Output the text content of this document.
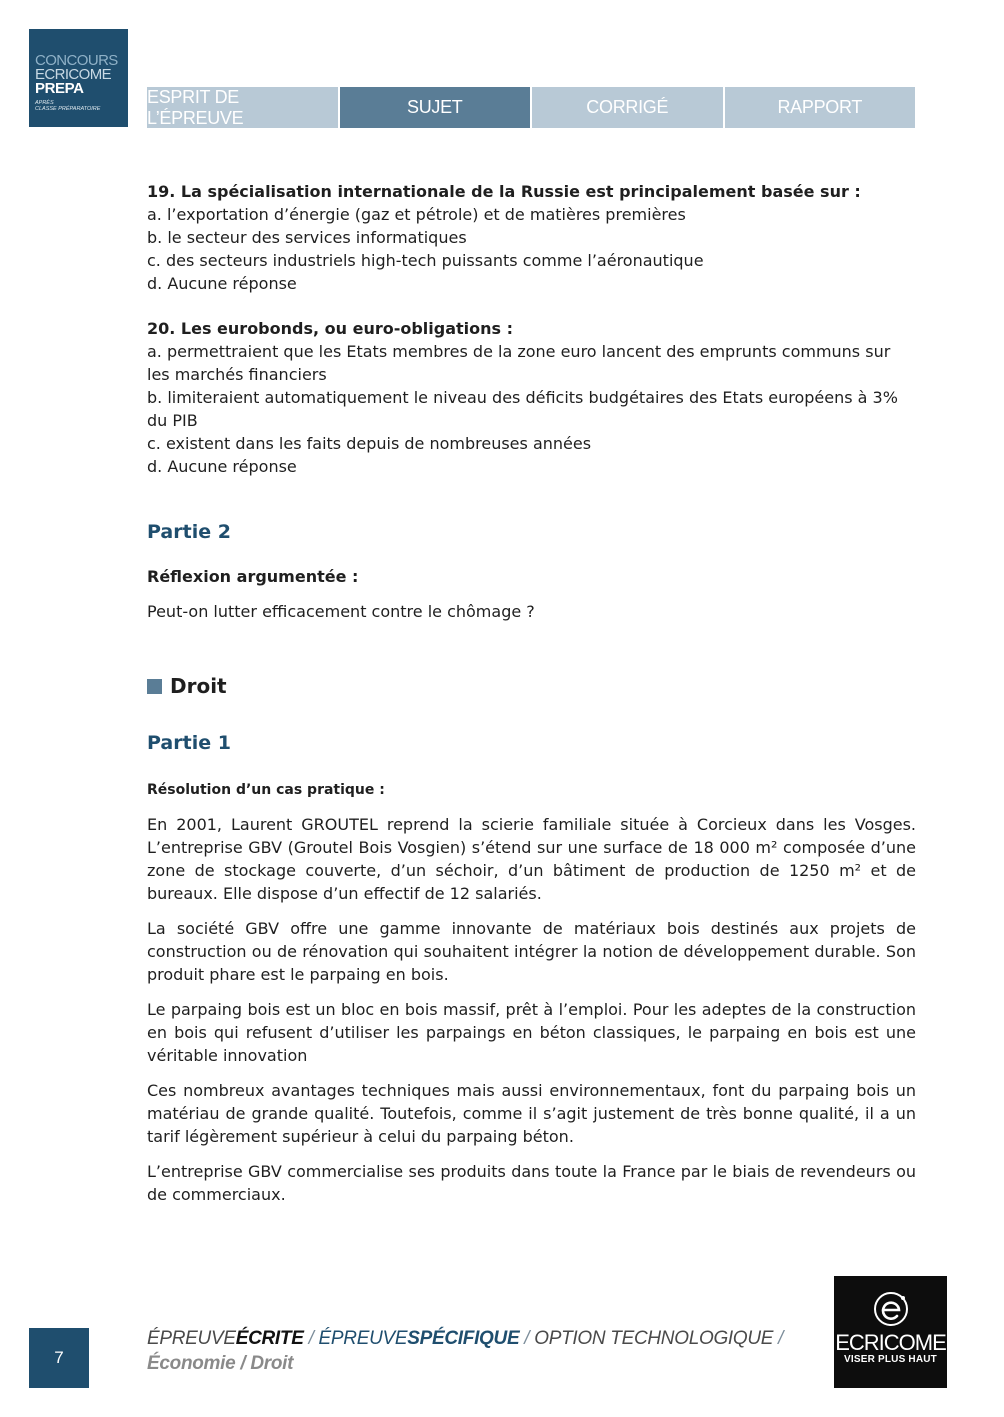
CONCOURS
ECRICOME
PREPA
APRÈS
CLASSE PRÉPARATOIRE
ESPRIT DE L’ÉPREUVE
SUJET	CORRIGÉ	RAPPORT
19. La spécialisation internationale de la Russie est principalement basée sur :
a. l’exportation d’énergie (gaz et pétrole) et de matières premières
b. le secteur des services informatiques
c. des secteurs industriels high-tech puissants comme l’aéronautique
d. Aucune réponse
20. Les eurobonds, ou euro-obligations :
a. permettraient que les Etats membres de la zone euro lancent des emprunts communs sur les marchés financiers
b. limiteraient automatiquement le niveau des déficits budgétaires des Etats européens à 3% du PIB
c. existent dans les faits depuis de nombreuses années
d. Aucune réponse
Partie 2
Réflexion argumentée :
Peut-on lutter efficacement contre le chômage ?
Droit
Partie 1
Résolution d’un cas pratique :

En 2001, Laurent GROUTEL reprend la scierie familiale située à Corcieux dans les Vosges. L’entreprise GBV (Groutel Bois Vosgien) s’étend sur une surface de 18 000 m² composée d’une zone de stockage couverte, d’un séchoir, d’un bâtiment de production de 1250 m² et de bureaux. Elle dispose d’un effectif de 12 salariés.

La société GBV offre une gamme innovante de matériaux bois destinés aux projets de construction ou de rénovation qui souhaitent intégrer la notion de développement durable. Son produit phare est le parpaing en bois.

Le parpaing bois est un bloc en bois massif, prêt à l’emploi. Pour les adeptes de la construction en bois qui refusent d’utiliser les parpaings en béton classiques, le parpaing en bois est une véritable innovation

Ces nombreux avantages techniques mais aussi environnementaux, font du parpaing bois un matériau de grande qualité. Toutefois, comme il s’agit justement de très bonne qualité, il a un tarif légèrement supérieur à celui du parpaing béton.

L’entreprise GBV commercialise ses produits dans toute la France par le biais de revendeurs ou de commerciaux.

7
ÉPREUVEÉCRITE / ÉPREUVESPÉCIFIQUE / OPTION TECHNOLOGIQUE /
Économie / Droit
ECRICOME
VISER PLUS HAUT
